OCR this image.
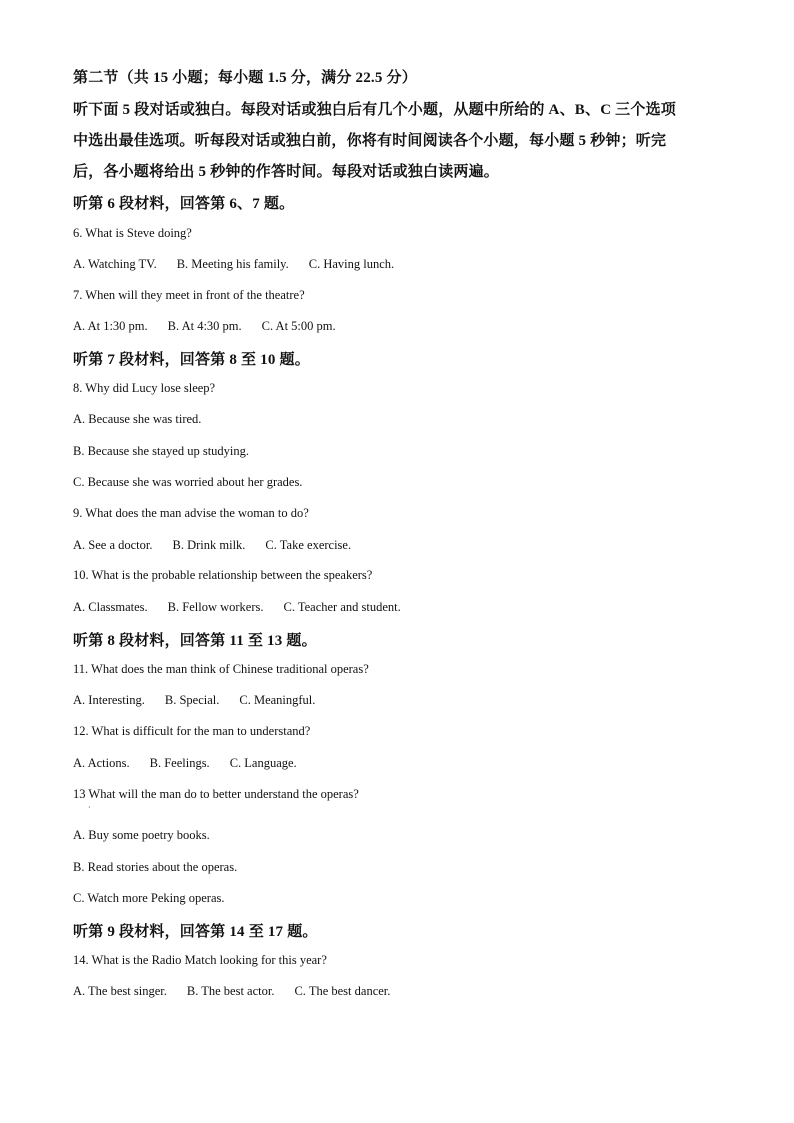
第二节（共 15 小题；每小题 1.5 分，满分 22.5 分）
听下面 5 段对话或独白。每段对话或独白后有几个小题，从题中所给的 A、B、C 三个选项
中选出最佳选项。听每段对话或独白前，你将有时间阅读各个小题，每小题 5 秒钟；听完
后，各小题将给出 5 秒钟的作答时间。每段对话或独白读两遍。
听第 6 段材料，回答第 6、7 题。
6. What is Steve doing?
A. Watching TV. B. Meeting his family. C. Having lunch.
7. When will they meet in front of the theatre?
A. At 1:30 pm. B. At 4:30 pm. C. At 5:00 pm.
听第 7 段材料，回答第 8 至 10 题。
8. Why did Lucy lose sleep?
A. Because she was tired.
B. Because she stayed up studying.
C. Because she was worried about her grades.
9. What does the man advise the woman to do?
A. See a doctor. B. Drink milk. C. Take exercise.
10. What is the probable relationship between the speakers?
A. Classmates. B. Fellow workers. C. Teacher and student.
听第 8 段材料，回答第 11 至 13 题。
11. What does the man think of Chinese traditional operas?
A. Interesting. B. Special. C. Meaningful.
12. What is difficult for the man to understand?
A. Actions. B. Feelings. C. Language.
13 What will the man do to better understand the operas?
·
A. Buy some poetry books.
B. Read stories about the operas.
C. Watch more Peking operas.
听第 9 段材料，回答第 14 至 17 题。
14. What is the Radio Match looking for this year?
A. The best singer. B. The best actor. C. The best dancer.
